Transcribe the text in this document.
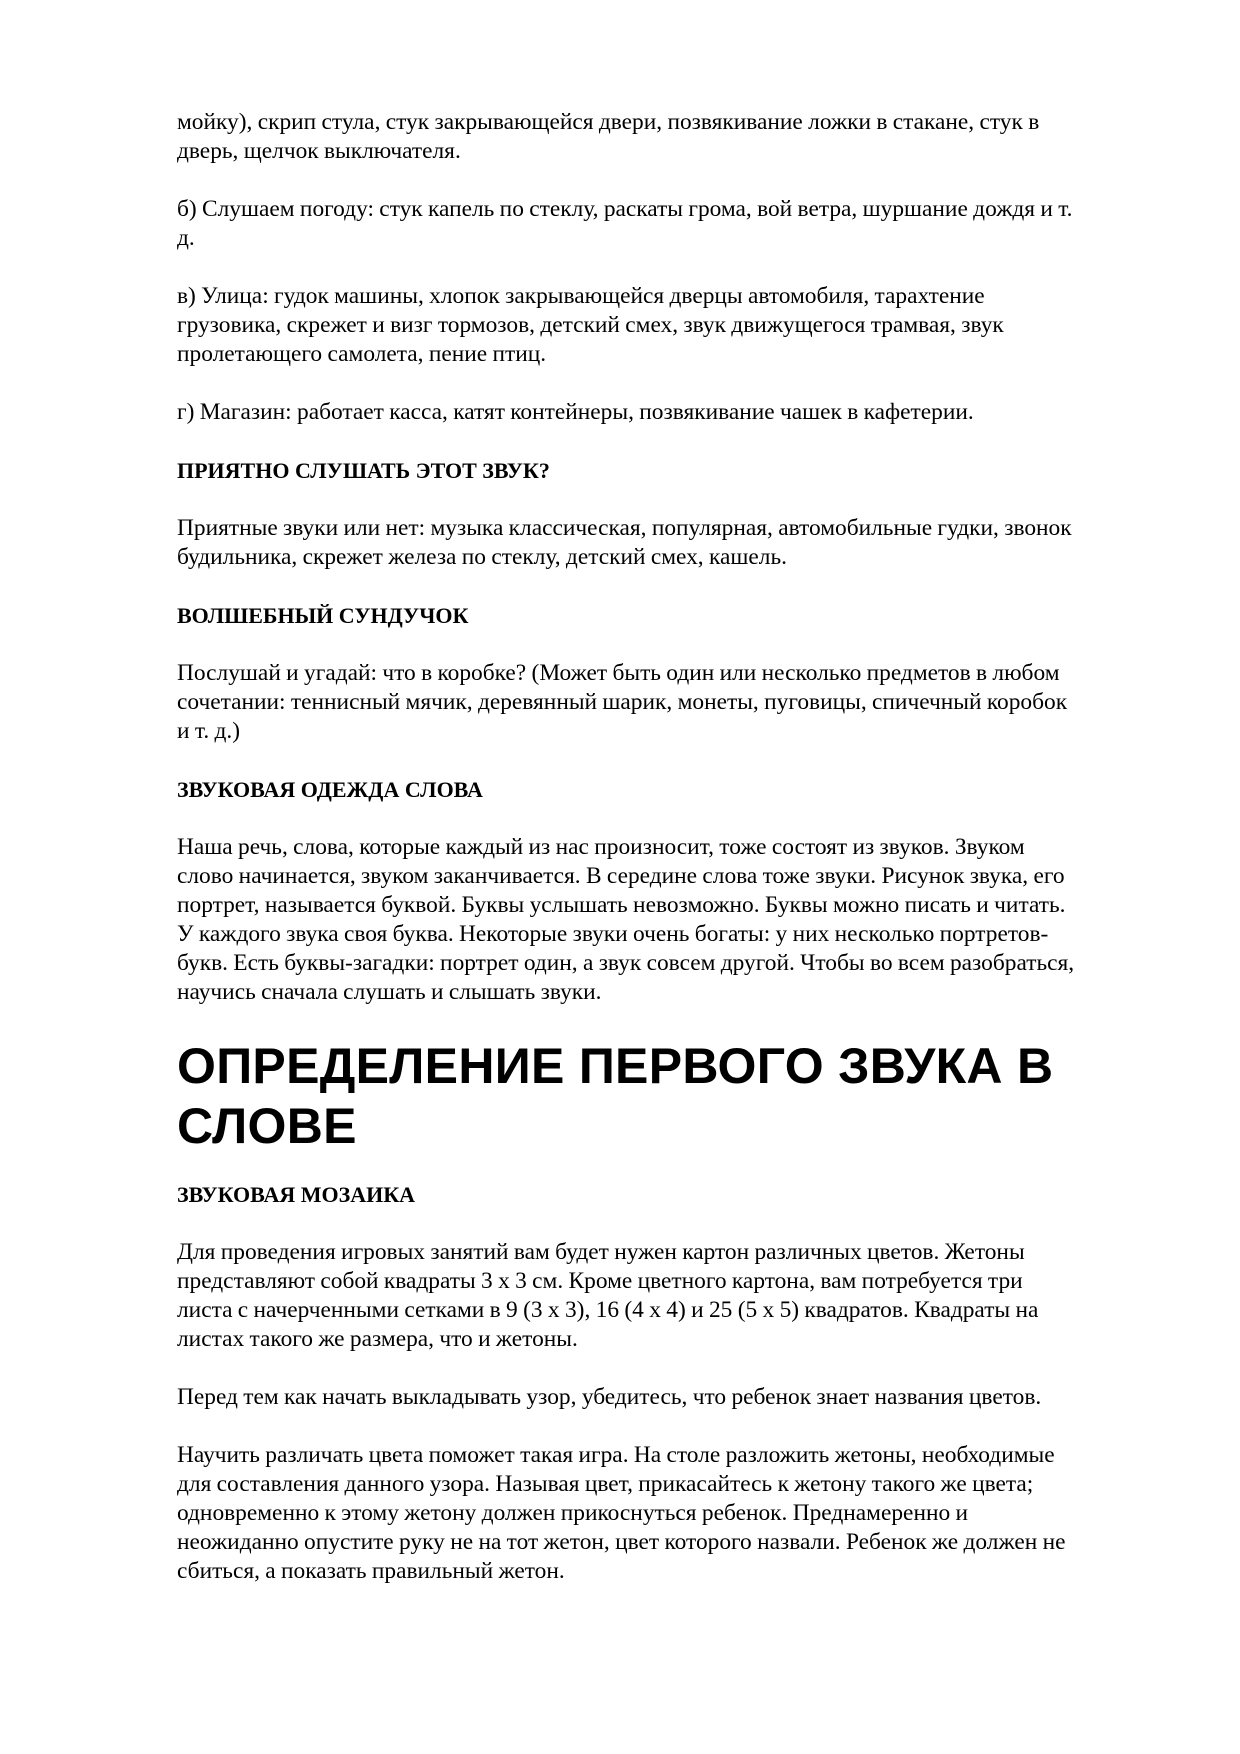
мойку), скрип стула, стук закрывающейся двери, позвякивание ложки в стакане, стук в
дверь, щелчок выключателя.
б) Слушаем погоду: стук капель по стеклу, раскаты грома, вой ветра, шуршание дождя и т.
д.
в) Улица: гудок машины, хлопок закрывающейся дверцы автомобиля, тарахтение
грузовика, скрежет и визг тормозов, детский смех, звук движущегося трамвая, звук
пролетающего самолета, пение птиц.
г) Магазин: работает касса, катят контейнеры, позвякивание чашек в кафетерии.
ПРИЯТНО СЛУШАТЬ ЭТОТ ЗВУК?
Приятные звуки или нет: музыка классическая, популярная, автомобильные гудки, звонок
будильника, скрежет железа по стеклу, детский смех, кашель.
ВОЛШЕБНЫЙ СУНДУЧОК
Послушай и угадай: что в коробке? (Может быть один или несколько предметов в любом
сочетании: теннисный мячик, деревянный шарик, монеты, пуговицы, спичечный коробок
и т. д.)
ЗВУКОВАЯ ОДЕЖДА СЛОВА
Наша речь, слова, которые каждый из нас произносит, тоже состоят из звуков. Звуком
слово начинается, звуком заканчивается. В середине слова тоже звуки. Рисунок звука, его
портрет, называется буквой. Буквы услышать невозможно. Буквы можно писать и читать.
У каждого звука своя буква. Некоторые звуки очень богаты: у них несколько портретов-
букв. Есть буквы-загадки: портрет один, а звук совсем другой. Чтобы во всем разобраться,
научись сначала слушать и слышать звуки.
ОПРЕДЕЛЕНИЕ ПЕРВОГО ЗВУКА В
СЛОВЕ
ЗВУКОВАЯ МОЗАИКА
Для проведения игровых занятий вам будет нужен картон различных цветов. Жетоны
представляют собой квадраты 3 х 3 см. Кроме цветного картона, вам потребуется три
листа с начерченными сетками в 9 (3 х 3), 16 (4 х 4) и 25 (5 х 5) квадратов. Квадраты на
листах такого же размера, что и жетоны.
Перед тем как начать выкладывать узор, убедитесь, что ребенок знает названия цветов.
Научить различать цвета поможет такая игра. На столе разложить жетоны, необходимые
для составления данного узора. Называя цвет, прикасайтесь к жетону такого же цвета;
одновременно к этому жетону должен прикоснуться ребенок. Преднамеренно и
неожиданно опустите руку не на тот жетон, цвет которого назвали. Ребенок же должен не
сбиться, а показать правильный жетон.
